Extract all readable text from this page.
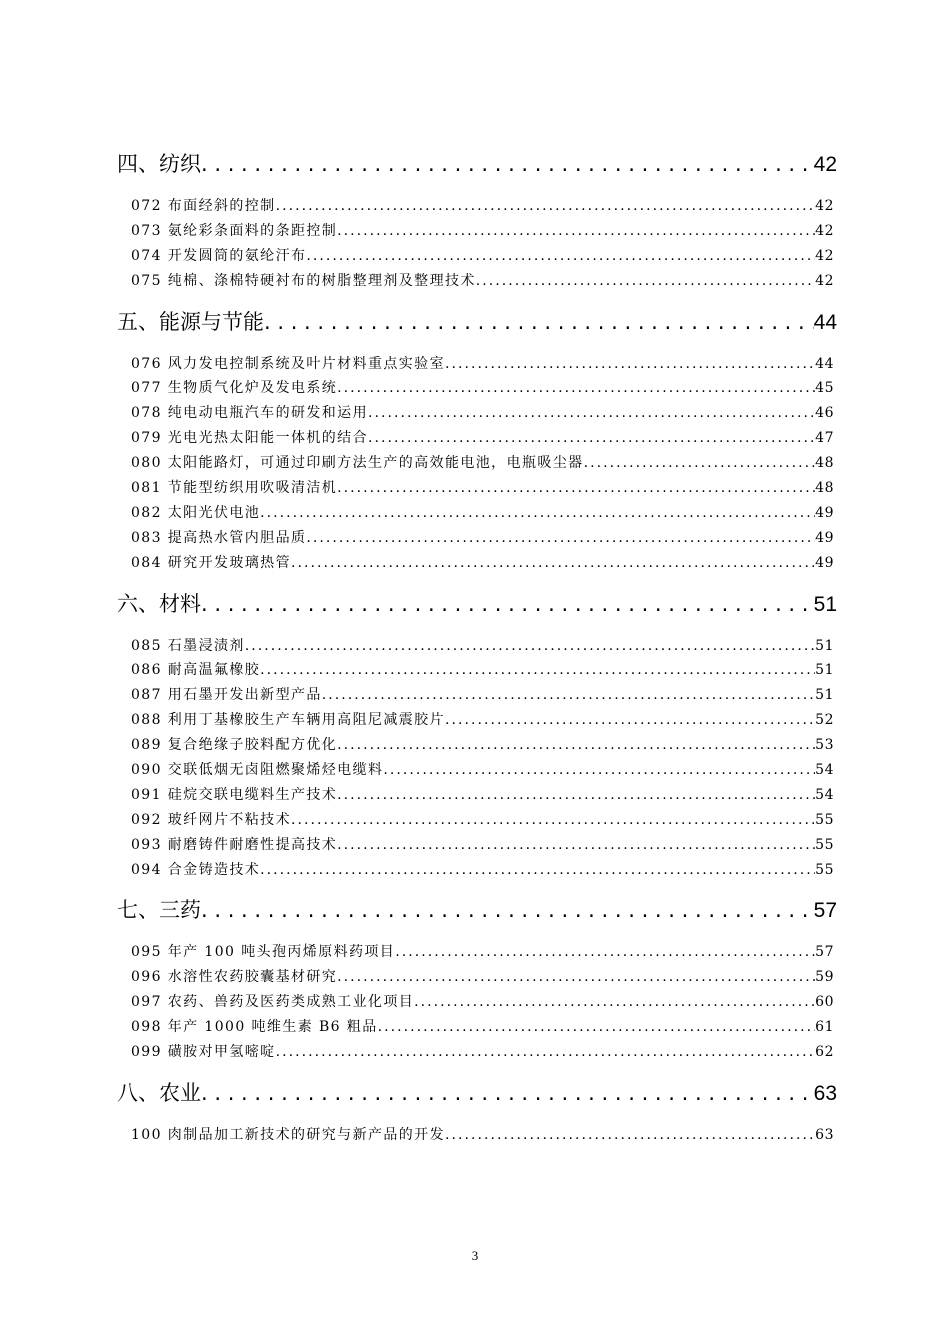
四、纺织 . . .	42
072 布面经斜的控制 . . .	42
073 氨纶彩条面料的条距控制 . . .	42
074 开发圆筒的氨纶汗布 . . .	42
075 纯棉、涤棉特硬衬布的树脂整理剂及整理技术 . . .	42
五、能源与节能 . . .	44
076 风力发电控制系统及叶片材料重点实验室 . . .	44
077 生物质气化炉及发电系统 . . .	45
078 纯电动电瓶汽车的研发和运用 . . .	46
079 光电光热太阳能一体机的结合 . . .	47
080 太阳能路灯，可通过印刷方法生产的高效能电池，电瓶吸尘器 . . .	48
081 节能型纺织用吹吸清洁机 . . .	48
082 太阳光伏电池 . . .	49
083 提高热水管内胆品质 . . .	49
084 研究开发玻璃热管 . . .	49
六、材料 . . .	51
085 石墨浸渍剂 . . .	51
086 耐高温氟橡胶 . . .	51
087 用石墨开发出新型产品 . . .	51
088 利用丁基橡胶生产车辆用高阻尼减震胶片 . . .	52
089 复合绝缘子胶料配方优化 . . .	53
090 交联低烟无卤阻燃聚烯烃电缆料 . . .	54
091 硅烷交联电缆料生产技术 . . .	54
092 玻纤网片不粘技术 . . .	55
093 耐磨铸件耐磨性提高技术 . . .	55
094 合金铸造技术 . . .	55
七、三药 . . .	57
095 年产 100 吨头孢丙烯原料药项目 . . .	57
096 水溶性农药胶囊基材研究 . . .	59
097 农药、兽药及医药类成熟工业化项目 . . .	60
098 年产 1000 吨维生素 B6 粗品 . . .	61
099 磺胺对甲氢嘧啶 . . .	62
八、农业 . . .	63
100 肉制品加工新技术的研究与新产品的开发 . . .	63
3
